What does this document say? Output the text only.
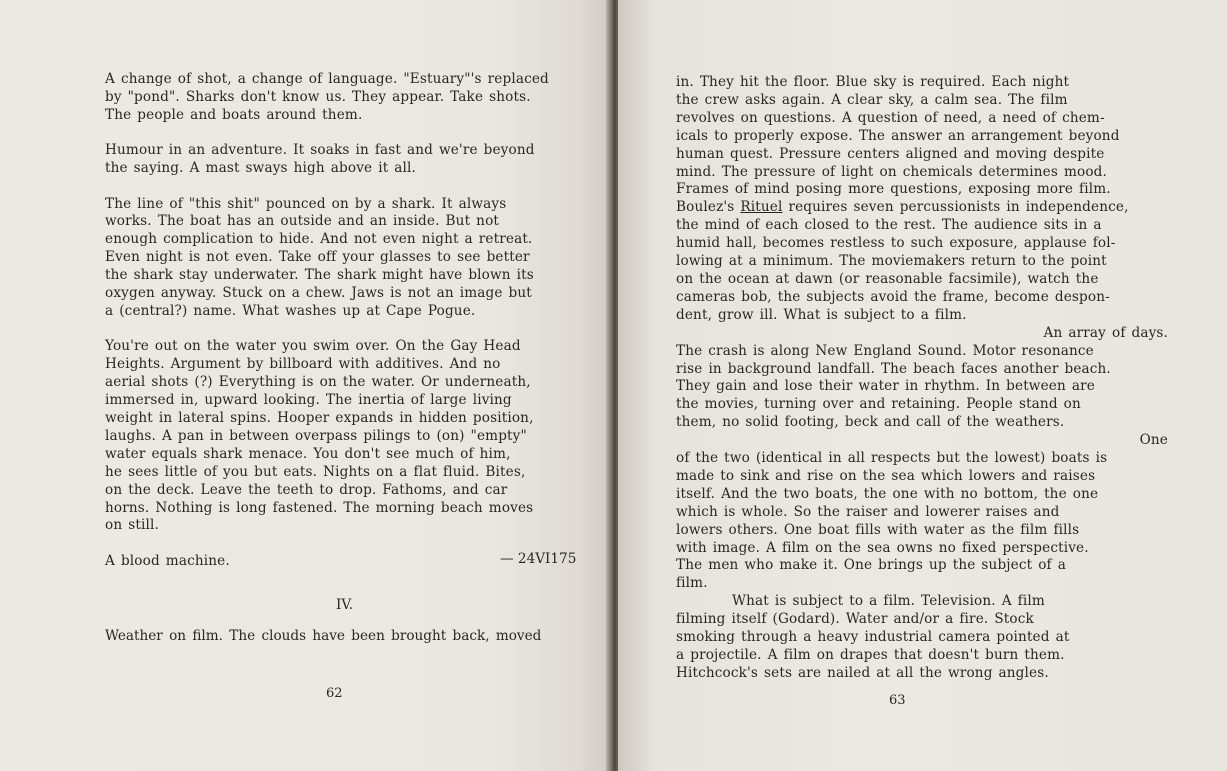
A change of shot, a change of language. "Estuary"'s replaced

by "pond". Sharks don't know us. They appear. Take shots.

The people and boats around them.

Humour in an adventure. It soaks in fast and we're beyond

the saying. A mast sways high above it all.

The line of "this shit" pounced on by a shark. It always

works. The boat has an outside and an inside. But not

enough complication to hide. And not even night a retreat.

Even night is not even. Take off your glasses to see better

the shark stay underwater. The shark might have blown its

oxygen anyway. Stuck on a chew. Jaws is not an image but

a (central?) name. What washes up at Cape Pogue.

You're out on the water you swim over. On the Gay Head

Heights. Argument by billboard with additives. And no

aerial shots (?) Everything is on the water. Or underneath,

immersed in, upward looking. The inertia of large living

weight in lateral spins. Hooper expands in hidden position,

laughs. A pan in between overpass pilings to (on) "empty"

water equals shark menace. You don't see much of him,

he sees little of you but eats. Nights on a flat fluid. Bites,

on the deck. Leave the teeth to drop. Fathoms, and car

horns. Nothing is long fastened. The morning beach moves

on still.

A blood machine.	— 24VI175
IV.
Weather on film. The clouds have been brought back, moved
62

in. They hit the floor. Blue sky is required. Each night

the crew asks again. A clear sky, a calm sea. The film

revolves on questions. A question of need, a need of chem-

icals to properly expose. The answer an arrangement beyond

human quest. Pressure centers aligned and moving despite

mind. The pressure of light on chemicals determines mood.

Frames of mind posing more questions, exposing more film.

Boulez's Rituel requires seven percussionists in independence,

the mind of each closed to the rest. The audience sits in a

humid hall, becomes restless to such exposure, applause fol-

lowing at a minimum. The moviemakers return to the point

on the ocean at dawn (or reasonable facsimile), watch the

cameras bob, the subjects avoid the frame, become despon-

dent, grow ill. What is subject to a film.

An array of days.

The crash is along New England Sound. Motor resonance

rise in background landfall. The beach faces another beach.

They gain and lose their water in rhythm. In between are

the movies, turning over and retaining. People stand on

them, no solid footing, beck and call of the weathers.

One

of the two (identical in all respects but the lowest) boats is

made to sink and rise on the sea which lowers and raises

itself. And the two boats, the one with no bottom, the one

which is whole. So the raiser and lowerer raises and

lowers others. One boat fills with water as the film fills

with image. A film on the sea owns no fixed perspective.

The men who make it. One brings up the subject of a

film.

What is subject to a film. Television. A film

filming itself (Godard). Water and/or a fire. Stock

smoking through a heavy industrial camera pointed at

a projectile. A film on drapes that doesn't burn them.

Hitchcock's sets are nailed at all the wrong angles.

63
